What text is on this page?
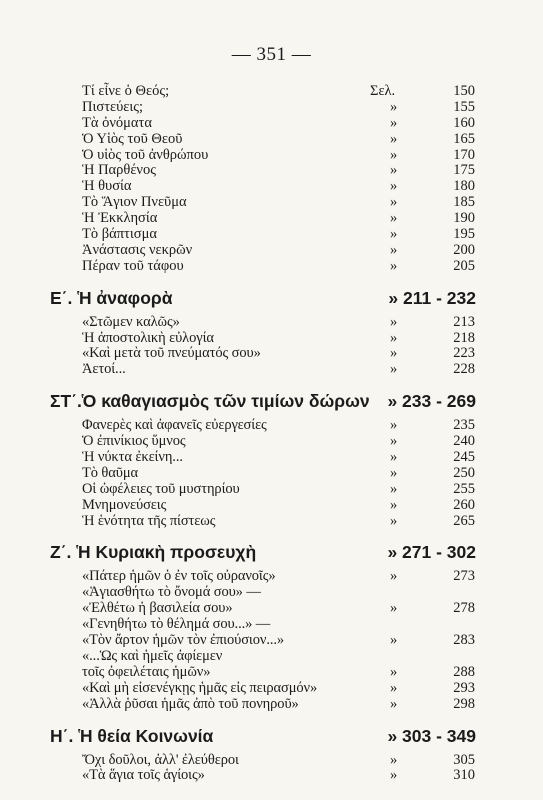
— 351 —
Τί εἶνε ὁ Θεός;	Σελ.	150
Πιστεύεις;	»	155
Τὰ ὀνόματα	»	160
Ὁ Υἱὸς τοῦ Θεοῦ	»	165
Ὁ υἱὸς τοῦ ἀνθρώπου	»	170
Ἡ Παρθένος	»	175
Ἡ θυσία	»	180
Τὸ Ἅγιον Πνεῦμα	»	185
Ἡ Ἐκκλησία	»	190
Τὸ βάπτισμα	»	195
Ἀνάστασις νεκρῶν	»	200
Πέραν τοῦ τάφου	»	205
Ε΄. Ἡ ἀναφορὰ	» 211 - 232
«Στῶμεν καλῶς»	»	213
Ἡ ἀποστολικὴ εὐλογία	»	218
«Καὶ μετὰ τοῦ πνεύματός σου»	»	223
Ἀετοί...	»	228
ΣΤ΄.Ὁ καθαγιασμὸς τῶν τιμίων δώρων » 233 - 269
Φανερὲς καὶ ἀφανεῖς εὐεργεσίες	»	235
Ὁ ἐπινίκιος ὕμνος	»	240
Ἡ νύκτα ἐκείνη...	»	245
Τὸ θαῦμα	»	250
Οἱ ὠφέλειες τοῦ μυστηρίου	»	255
Μνημονεύσεις	»	260
Ἡ ἑνότητα τῆς πίστεως	»	265
Ζ΄. Ἡ Κυριακὴ προσευχὴ	» 271 - 302
«Πάτερ ἡμῶν ὁ ἐν τοῖς οὐρανοῖς»	»	273
«Ἁγιασθήτω τὸ ὄνομά σου» —
«Ἐλθέτω ἡ βασιλεία σου»	»	278
«Γενηθήτω τὸ θέλημά σου...» —
«Τὸν ἄρτον ἡμῶν τὸν ἐπιούσιον...»	»	283
«...Ὡς καὶ ἡμεῖς ἀφίεμεν
τοῖς ὀφειλέταις ἡμῶν»	»	288
«Καὶ μὴ εἰσενέγκῃς ἡμᾶς εἰς πειρασμόν»	»	293
«Ἀλλὰ ῥῦσαι ἡμᾶς ἀπὸ τοῦ πονηροῦ»	»	298
Η΄. Ἡ θεία Κοινωνία	» 303 - 349
Ὄχι δοῦλοι, ἀλλ' ἐλεύθεροι	»	305
«Τὰ ἅγια τοῖς ἁγίοις»	»	310
